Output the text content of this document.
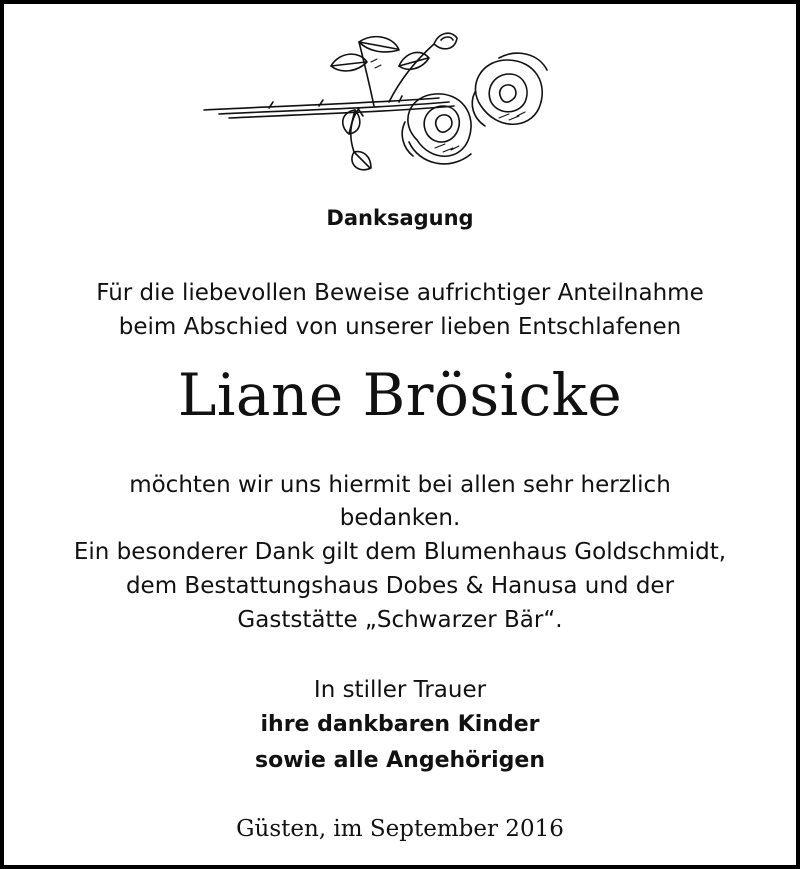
Danksagung
Für die liebevollen Beweise aufrichtiger Anteilnahme
beim Abschied von unserer lieben Entschlafenen
Liane Brösicke
möchten wir uns hiermit bei allen sehr herzlich
bedanken.
Ein besonderer Dank gilt dem Blumenhaus Goldschmidt,
dem Bestattungshaus Dobes & Hanusa und der
Gaststätte „Schwarzer Bär“.
In stiller Trauer
ihre dankbaren Kinder
sowie alle Angehörigen
Güsten, im September 2016
